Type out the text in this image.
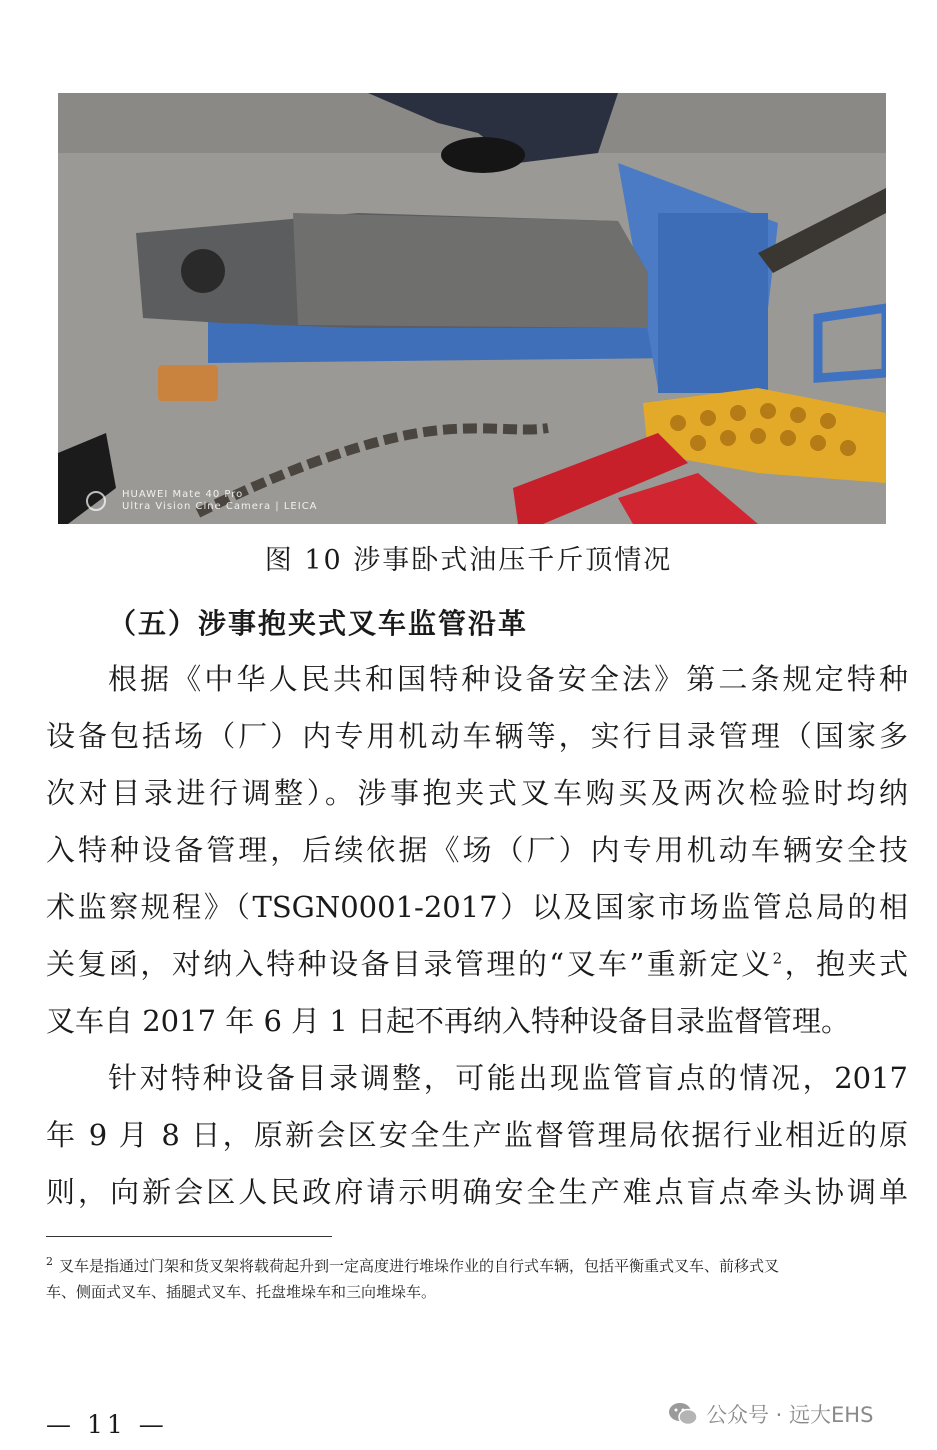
HUAWEI Mate 40 Pro
Ultra Vision Cine Camera | LEICA
图 10 涉事卧式油压千斤顶情况
（五）涉事抱夹式叉车监管沿革
根据《中华人民共和国特种设备安全法》第二条规定特种
设备包括场（厂）内专用机动车辆等，实行目录管理（国家多
次对目录进行调整）。涉事抱夹式叉车购买及两次检验时均纳
入特种设备管理，后续依据《场（厂）内专用机动车辆安全技
术监察规程》（TSGN0001-2017）以及国家市场监管总局的相
关复函，对纳入特种设备目录管理的“叉车”重新定义$^2$，抱夹式
叉车自 2017 年 6 月 1 日起不再纳入特种设备目录监督管理。
针对特种设备目录调整，可能出现监管盲点的情况，2017
年 9 月 8 日，原新会区安全生产监督管理局依据行业相近的原
则，向新会区人民政府请示明确安全生产难点盲点牵头协调单
$^2$ 叉车是指通过门架和货叉架将载荷起升到一定高度进行堆垛作业的自行式车辆，包括平衡重式叉车、前移式叉
车、侧面式叉车、插腿式叉车、托盘堆垛车和三向堆垛车。
— 11 —	公众号 · 远大EHS
